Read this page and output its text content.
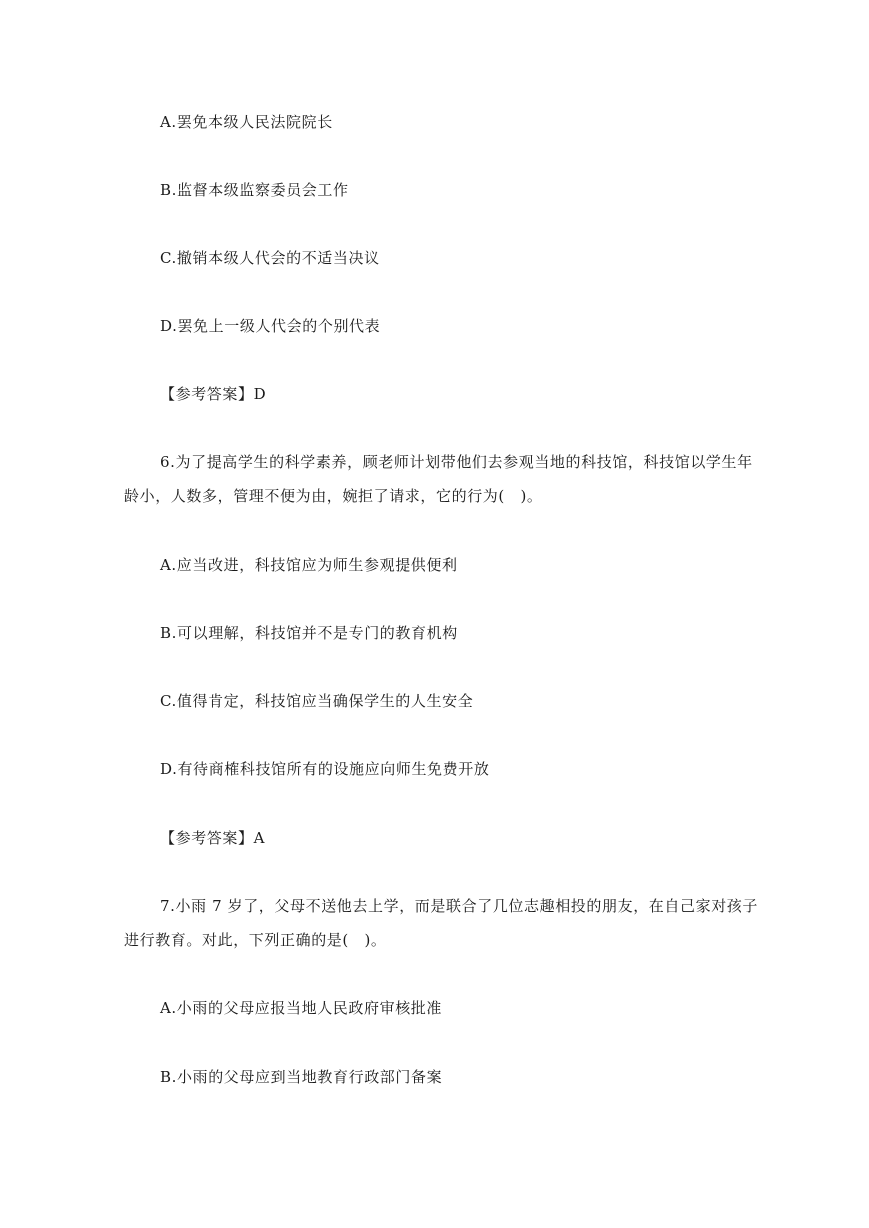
A.罢免本级人民法院院长
B.监督本级监察委员会工作
C.撤销本级人代会的不适当决议
D.罢免上一级人代会的个别代表
【参考答案】D
6.为了提高学生的科学素养，顾老师计划带他们去参观当地的科技馆，科技馆以学生年
龄小，人数多，管理不便为由，婉拒了请求，它的行为(　)。
A.应当改进，科技馆应为师生参观提供便利
B.可以理解，科技馆并不是专门的教育机构
C.值得肯定，科技馆应当确保学生的人生安全
D.有待商榷科技馆所有的设施应向师生免费开放
【参考答案】A
7.小雨 7 岁了，父母不送他去上学，而是联合了几位志趣相投的朋友，在自己家对孩子
进行教育。对此，下列正确的是(　)。
A.小雨的父母应报当地人民政府审核批准
B.小雨的父母应到当地教育行政部门备案
